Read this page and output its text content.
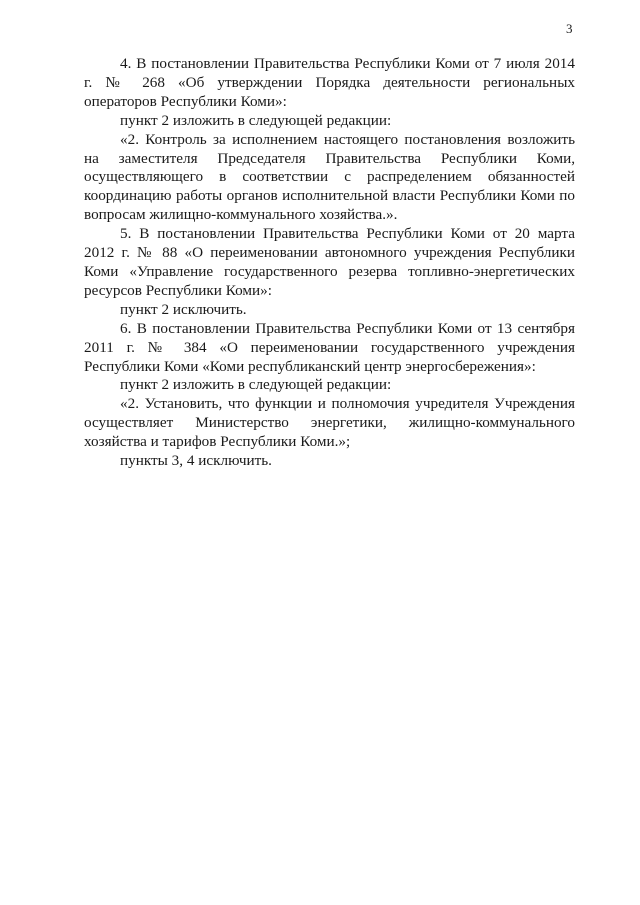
3

4. В постановлении Правительства Республики Коми от 7 июля 2014 г. № 268 «Об утверждении Порядка деятельности региональных операторов Республики Коми»:

пункт 2 изложить в следующей редакции:

«2. Контроль за исполнением настоящего постановления возложить на заместителя Председателя Правительства Республики Коми, осуществляющего в соответствии с распределением обязанностей координацию работы органов исполнительной власти Республики Коми по вопросам жилищно-коммунального хозяйства.».

5. В постановлении Правительства Республики Коми от 20 марта 2012 г. № 88 «О переименовании автономного учреждения Республики Коми «Управление государственного резерва топливно-энергетических ресурсов Республики Коми»:

пункт 2 исключить.

6. В постановлении Правительства Республики Коми от 13 сентября 2011 г. № 384 «О переименовании государственного учреждения Республики Коми «Коми республиканский центр энергосбережения»:

пункт 2 изложить в следующей редакции:

«2. Установить, что функции и полномочия учредителя Учреждения осуществляет Министерство энергетики, жилищно-коммунального хозяйства и тарифов Республики Коми.»;

пункты 3, 4 исключить.
